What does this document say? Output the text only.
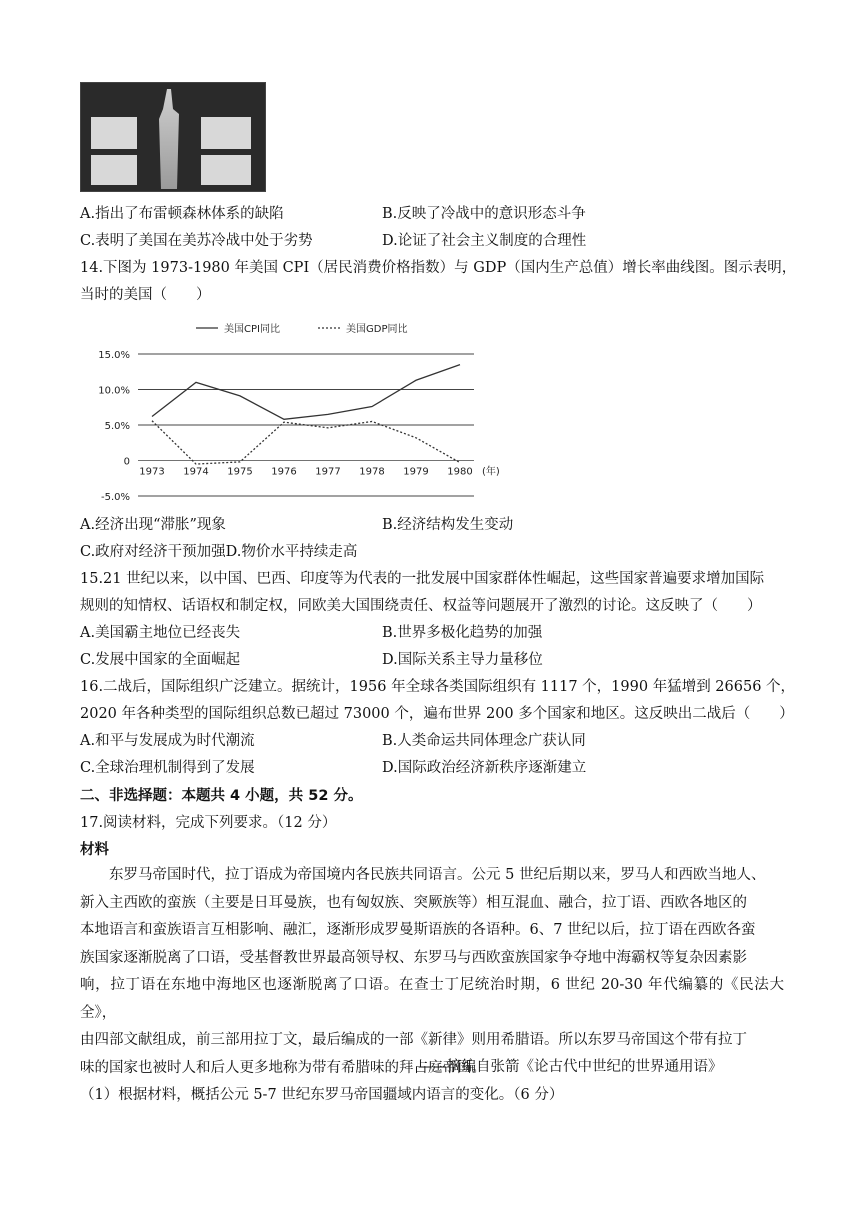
A.指出了布雷顿森林体系的缺陷	B.反映了冷战中的意识形态斗争
C.表明了美国在美苏冷战中处于劣势	D.论证了社会主义制度的合理性
14.下图为 1973-1980 年美国 CPI（居民消费价格指数）与 GDP（国内生产总值）增长率曲线图。图示表明，
当时的美国（　　）
美国CPI同比	美国GDP同比
15.0%
10.0%
5.0%
0
-5.0%
1973 1974 1975 1976 1977 1978 1979 1980 (年)
A.经济出现“滞胀”现象	B.经济结构发生变动
C.政府对经济干预加强D.物价水平持续走高
15.21 世纪以来，以中国、巴西、印度等为代表的一批发展中国家群体性崛起，这些国家普遍要求增加国际
规则的知情权、话语权和制定权，同欧美大国围绕责任、权益等问题展开了激烈的讨论。这反映了（　　）
A.美国霸主地位已经丧失	B.世界多极化趋势的加强
C.发展中国家的全面崛起	D.国际关系主导力量移位
16.二战后，国际组织广泛建立。据统计，1956 年全球各类国际组织有 1117 个，1990 年猛增到 26656 个，
2020 年各种类型的国际组织总数已超过 73000 个，遍布世界 200 多个国家和地区。这反映出二战后（　　）
A.和平与发展成为时代潮流	B.人类命运共同体理念广获认同
C.全球治理机制得到了发展	D.国际政治经济新秩序逐渐建立
二、非选择题：本题共 4 小题，共 52 分。
17.阅读材料，完成下列要求。（12 分）
材料
　　东罗马帝国时代，拉丁语成为帝国境内各民族共同语言。公元 5 世纪后期以来，罗马人和西欧当地人、
新入主西欧的蛮族（主要是日耳曼族，也有匈奴族、突厥族等）相互混血、融合，拉丁语、西欧各地区的
本地语言和蛮族语言互相影响、融汇，逐渐形成罗曼斯语族的各语种。6、7 世纪以后，拉丁语在西欧各蛮
族国家逐渐脱离了口语，受基督教世界最高领导权、东罗马与西欧蛮族国家争夺地中海霸权等复杂因素影
响，拉丁语在东地中海地区也逐渐脱离了口语。在查士丁尼统治时期，6 世纪 20-30 年代编纂的《民法大全》，
由四部文献组成，前三部用拉丁文，最后编成的一部《新律》则用希腊语。所以东罗马帝国这个带有拉丁
味的国家也被时人和后人更多地称为带有希腊味的拜占庭帝国。
——摘编自张箭《论古代中世纪的世界通用语》
（1）根据材料，概括公元 5-7 世纪东罗马帝国疆域内语言的变化。（6 分）
